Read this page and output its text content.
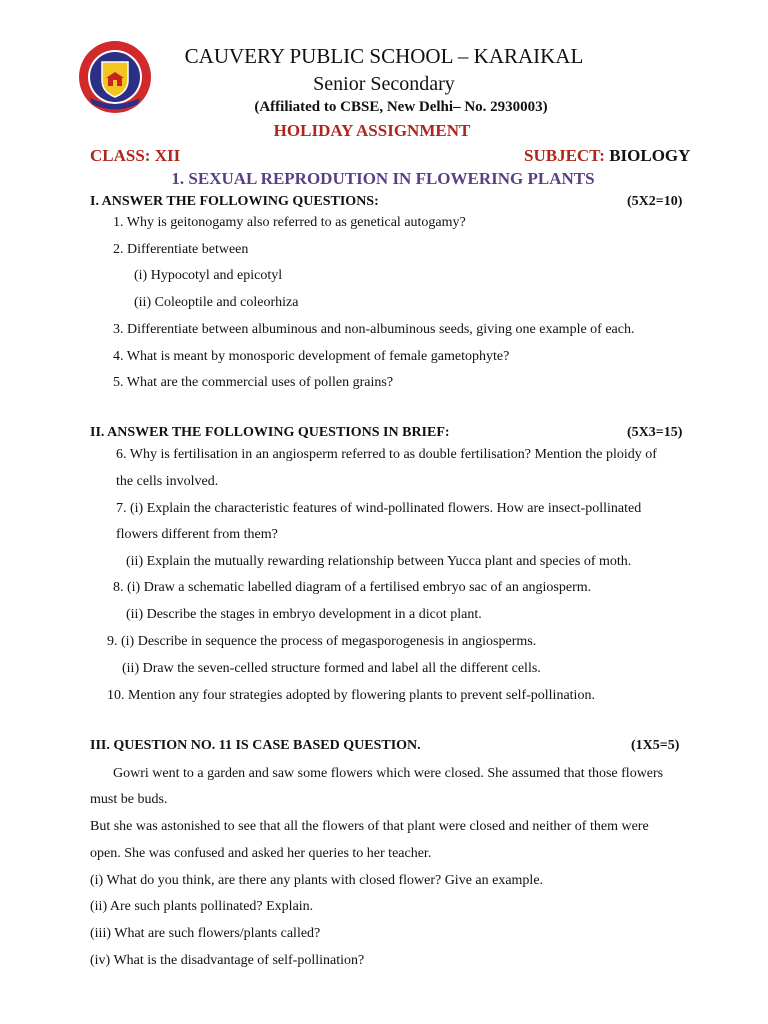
CAUVERY PUBLIC SCHOOL – KARAIKAL
Senior Secondary
(Affiliated to CBSE, New Delhi– No. 2930003)
HOLIDAY ASSIGNMENT
CLASS: XII	SUBJECT: BIOLOGY
1. SEXUAL REPRODUTION IN FLOWERING PLANTS
I. ANSWER THE FOLLOWING QUESTIONS:	(5X2=10)
1. Why is geitonogamy also referred to as genetical autogamy?
2. Differentiate between
(i) Hypocotyl and epicotyl
(ii) Coleoptile and coleorhiza
3. Differentiate between albuminous and non-albuminous seeds, giving one example of each.
4. What is meant by monosporic development of female gametophyte?
5. What are the commercial uses of pollen grains?
II. ANSWER THE FOLLOWING QUESTIONS IN BRIEF:	(5X3=15)
6. Why is fertilisation in an angiosperm referred to as double fertilisation? Mention the ploidy of
the cells involved.
7. (i) Explain the characteristic features of wind-pollinated flowers. How are insect-pollinated
flowers different from them?
(ii) Explain the mutually rewarding relationship between Yucca plant and species of moth.
8. (i) Draw a schematic labelled diagram of a fertilised embryo sac of an angiosperm.
(ii) Describe the stages in embryo development in a dicot plant.
9. (i) Describe in sequence the process of megasporogenesis in angiosperms.
(ii) Draw the seven-celled structure formed and label all the different cells.
10. Mention any four strategies adopted by flowering plants to prevent self-pollination.
III. QUESTION NO. 11 IS CASE BASED QUESTION.	(1X5=5)
Gowri went to a garden and saw some flowers which were closed. She assumed that those flowers
must be buds.
But she was astonished to see that all the flowers of that plant were closed and neither of them were
open. She was confused and asked her queries to her teacher.
(i) What do you think, are there any plants with closed flower? Give an example.
(ii) Are such plants pollinated? Explain.
(iii) What are such flowers/plants called?
(iv) What is the disadvantage of self-pollination?
